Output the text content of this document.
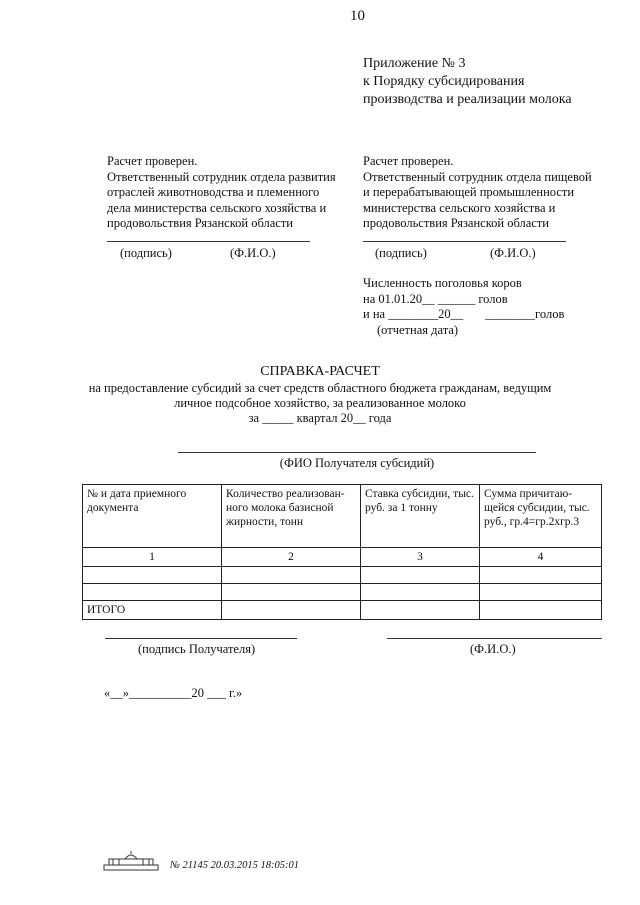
10
Приложение № 3
к Порядку субсидирования
производства и реализации молока
Расчет проверен.
Ответственный сотрудник отдела развития
отраслей животноводства и племенного
дела министерства сельского хозяйства и
продовольствия Рязанской области
(подпись)	(Ф.И.О.)
Расчет проверен.
Ответственный сотрудник отдела пищевой
и перерабатывающей промышленности
министерства сельского хозяйства и
продовольствия Рязанской области
(подпись)	(Ф.И.О.)
Численность поголовья коров
на 01.01.20__ ______ голов
и на ________20__       ________голов
(отчетная дата)
СПРАВКА-РАСЧЕТ
на предоставление субсидий за счет средств областного бюджета гражданам, ведущим
личное подсобное хозяйство, за реализованное молоко
за _____ квартал 20__ года
(ФИО Получателя субсидий)
№ и дата приемного документа	Количество реализован-ного молока базисной жирности, тонн	Ставка субсидии, тыс. руб. за 1 тонну	Сумма причитаю-щейся субсидии, тыс. руб., гр.4=гр.2хгр.3
1	2	3	4

ИТОГО			
(подпись Получателя)	(Ф.И.О.)
«__»__________20 ___ г.»
№ 21145 20.03.2015 18:05:01
